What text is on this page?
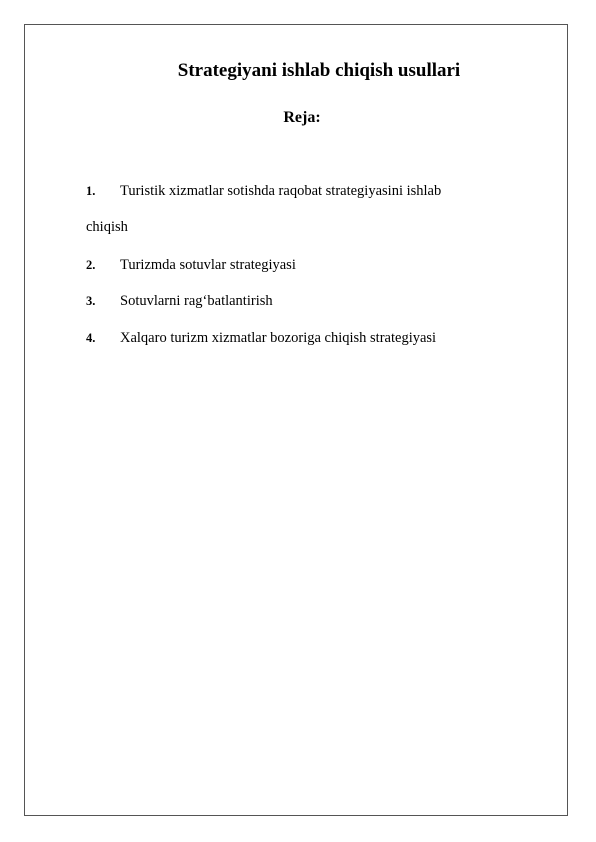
Strategiyani ishlab chiqish usullari
Reja:
1. Turistik xizmatlar sotishda raqobat strategiyasini ishlab
chiqish
2. Turizmda sotuvlar strategiyasi
3. Sotuvlarni rag‘batlantirish
4. Xalqaro turizm xizmatlar bozoriga chiqish strategiyasi
